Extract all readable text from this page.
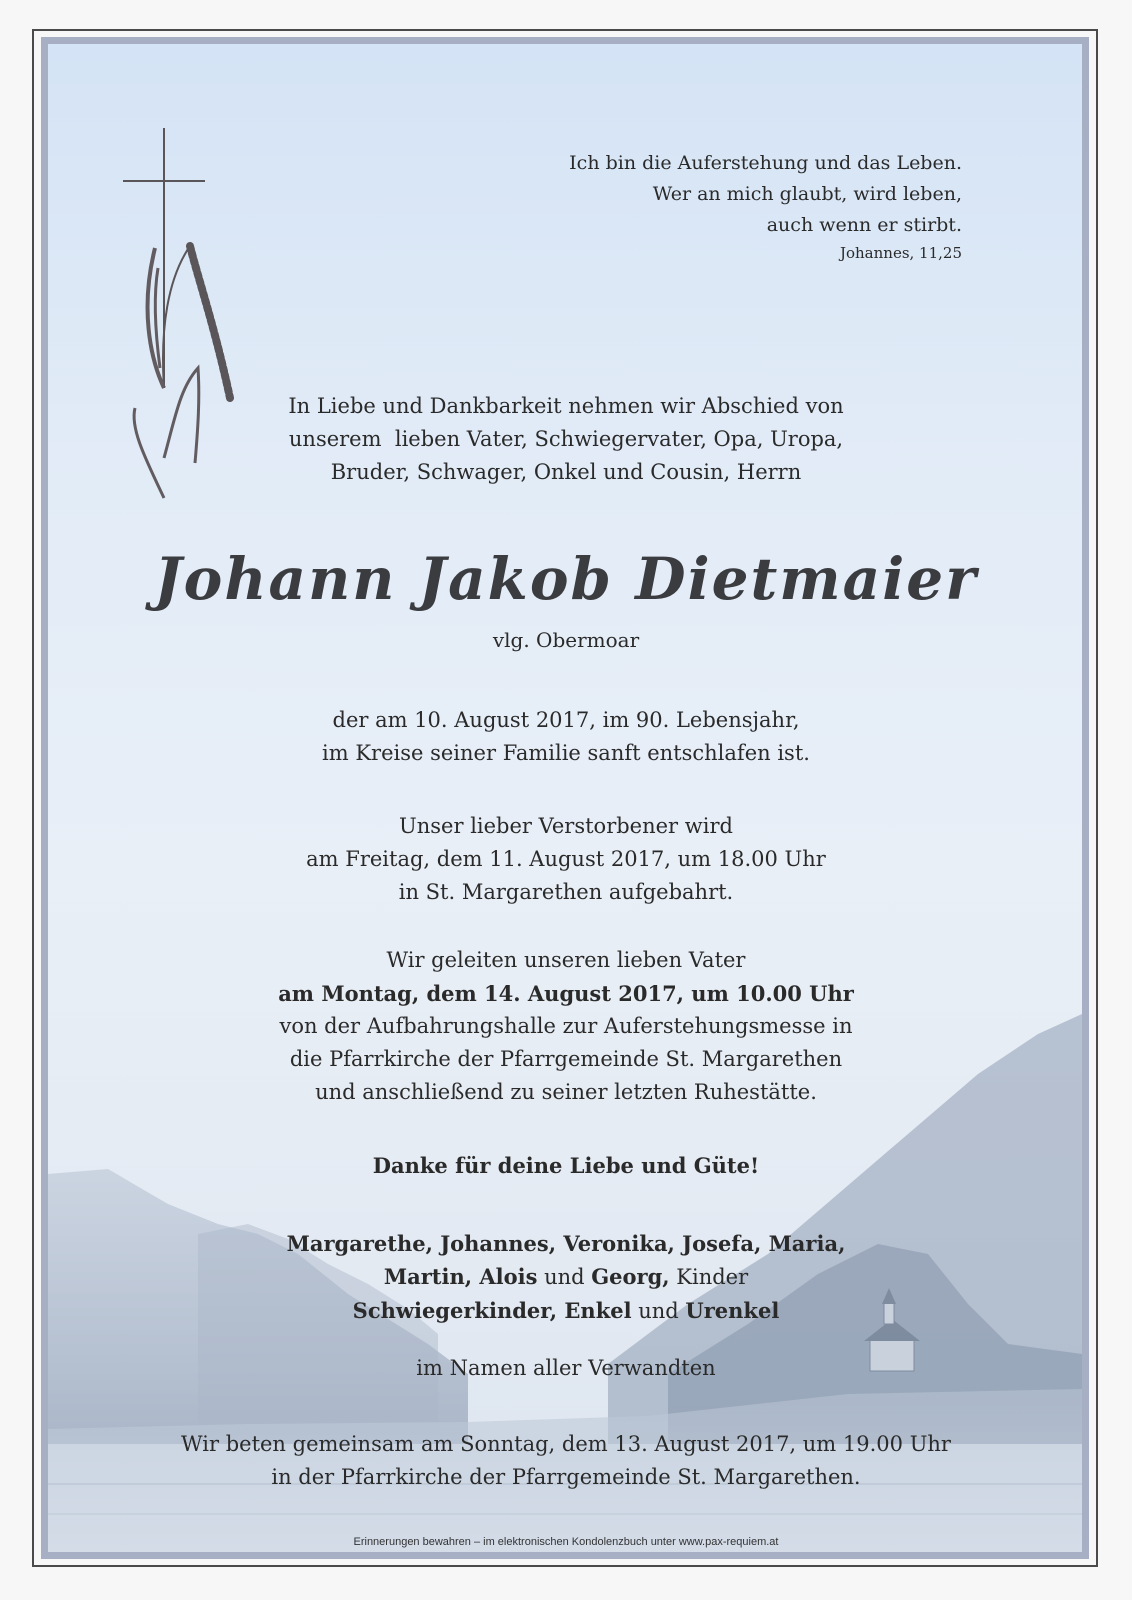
Ich bin die Auferstehung und das Leben.
Wer an mich glaubt, wird leben,
auch wenn er stirbt.
Johannes, 11,25
In Liebe und Dankbarkeit nehmen wir Abschied von
unserem  lieben Vater, Schwiegervater, Opa, Uropa,
Bruder, Schwager, Onkel und Cousin, Herrn
Johann Jakob Dietmaier
vlg. Obermoar
der am 10. August 2017, im 90. Lebensjahr,
im Kreise seiner Familie sanft entschlafen ist.
Unser lieber Verstorbener wird
am Freitag, dem 11. August 2017, um 18.00 Uhr
in St. Margarethen aufgebahrt.
Wir geleiten unseren lieben Vater
am Montag, dem 14. August 2017, um 10.00 Uhr
von der Aufbahrungshalle zur Auferstehungsmesse in
die Pfarrkirche der Pfarrgemeinde St. Margarethen
und anschließend zu seiner letzten Ruhestätte.
Danke für deine Liebe und Güte!
Margarethe, Johannes, Veronika, Josefa, Maria,
Martin, Alois und Georg, Kinder
Schwiegerkinder, Enkel und Urenkel
im Namen aller Verwandten
Wir beten gemeinsam am Sonntag, dem 13. August 2017, um 19.00 Uhr
in der Pfarrkirche der Pfarrgemeinde St. Margarethen.
Erinnerungen bewahren – im elektronischen Kondolenzbuch unter www.pax-requiem.at
